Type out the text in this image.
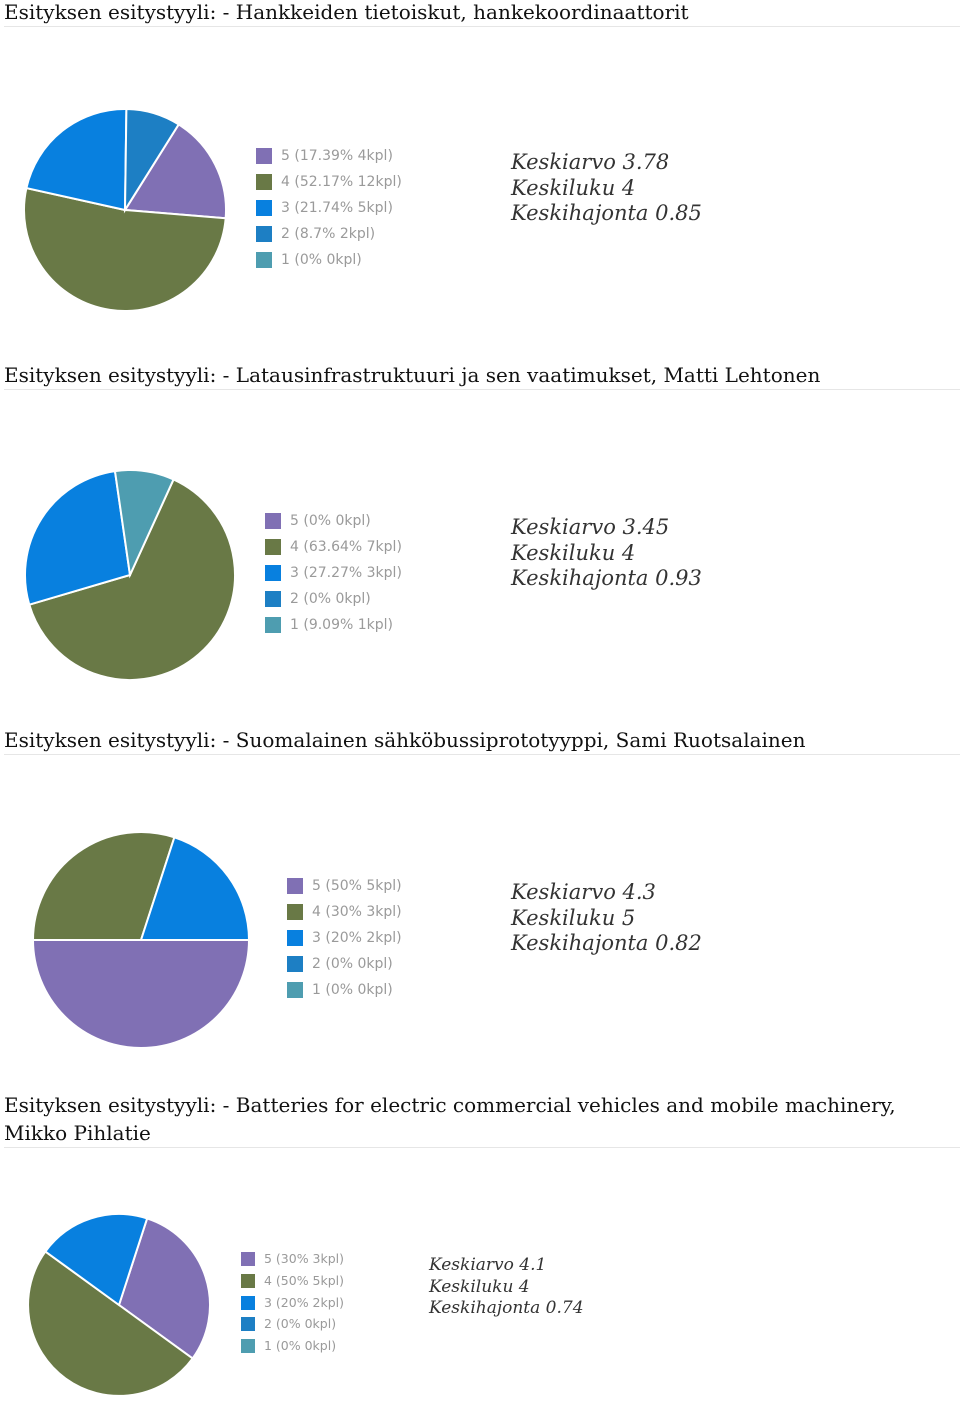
Esityksen esitystyyli: - Hankkeiden tietoiskut, hankekoordinaattorit
5 (17.39% 4kpl)
4 (52.17% 12kpl)
3 (21.74% 5kpl)
2 (8.7% 2kpl)
1 (0% 0kpl)
Keskiarvo 3.78
Keskiluku 4
Keskihajonta 0.85
Esityksen esitystyyli: - Latausinfrastruktuuri ja sen vaatimukset, Matti Lehtonen
5 (0% 0kpl)
4 (63.64% 7kpl)
3 (27.27% 3kpl)
2 (0% 0kpl)
1 (9.09% 1kpl)
Keskiarvo 3.45
Keskiluku 4
Keskihajonta 0.93
Esityksen esitystyyli: - Suomalainen sähköbussiprototyyppi, Sami Ruotsalainen
5 (50% 5kpl)
4 (30% 3kpl)
3 (20% 2kpl)
2 (0% 0kpl)
1 (0% 0kpl)
Keskiarvo 4.3
Keskiluku 5
Keskihajonta 0.82
Esityksen esitystyyli: - Batteries for electric commercial vehicles and mobile machinery, Mikko Pihlatie
5 (30% 3kpl)
4 (50% 5kpl)
3 (20% 2kpl)
2 (0% 0kpl)
1 (0% 0kpl)
Keskiarvo 4.1
Keskiluku 4
Keskihajonta 0.74
